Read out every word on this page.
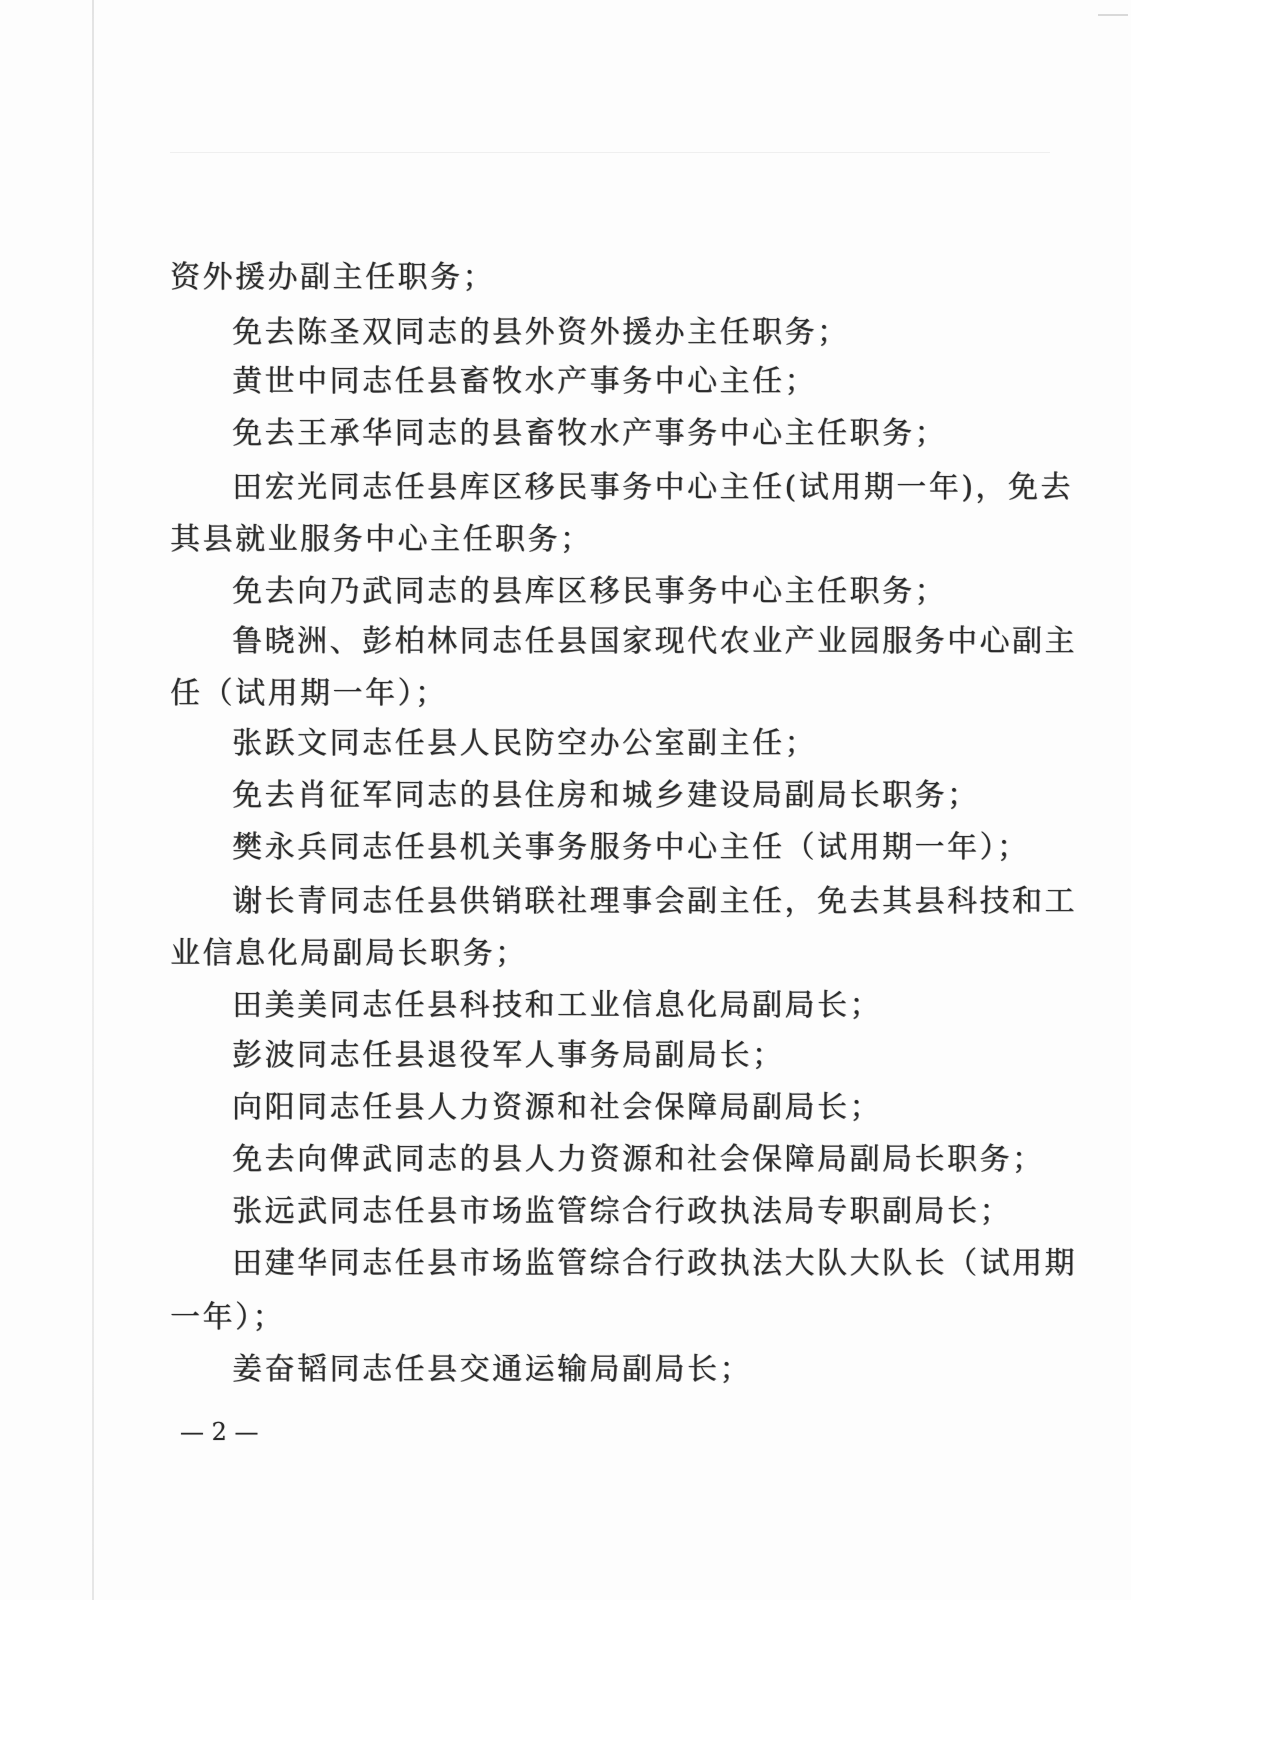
资外援办副主任职务；
免去陈圣双同志的县外资外援办主任职务；
黄世中同志任县畜牧水产事务中心主任；
免去王承华同志的县畜牧水产事务中心主任职务；
田宏光同志任县库区移民事务中心主任(试用期一年)，免去
其县就业服务中心主任职务；
免去向乃武同志的县库区移民事务中心主任职务；
鲁晓洲、彭柏林同志任县国家现代农业产业园服务中心副主
任（试用期一年）；
张跃文同志任县人民防空办公室副主任；
免去肖征军同志的县住房和城乡建设局副局长职务；
樊永兵同志任县机关事务服务中心主任（试用期一年）；
谢长青同志任县供销联社理事会副主任，免去其县科技和工
业信息化局副局长职务；
田美美同志任县科技和工业信息化局副局长；
彭波同志任县退役军人事务局副局长；
向阳同志任县人力资源和社会保障局副局长；
免去向俾武同志的县人力资源和社会保障局副局长职务；
张远武同志任县市场监管综合行政执法局专职副局长；
田建华同志任县市场监管综合行政执法大队大队长（试用期
一年）；
姜奋韬同志任县交通运输局副局长；
— 2 —
